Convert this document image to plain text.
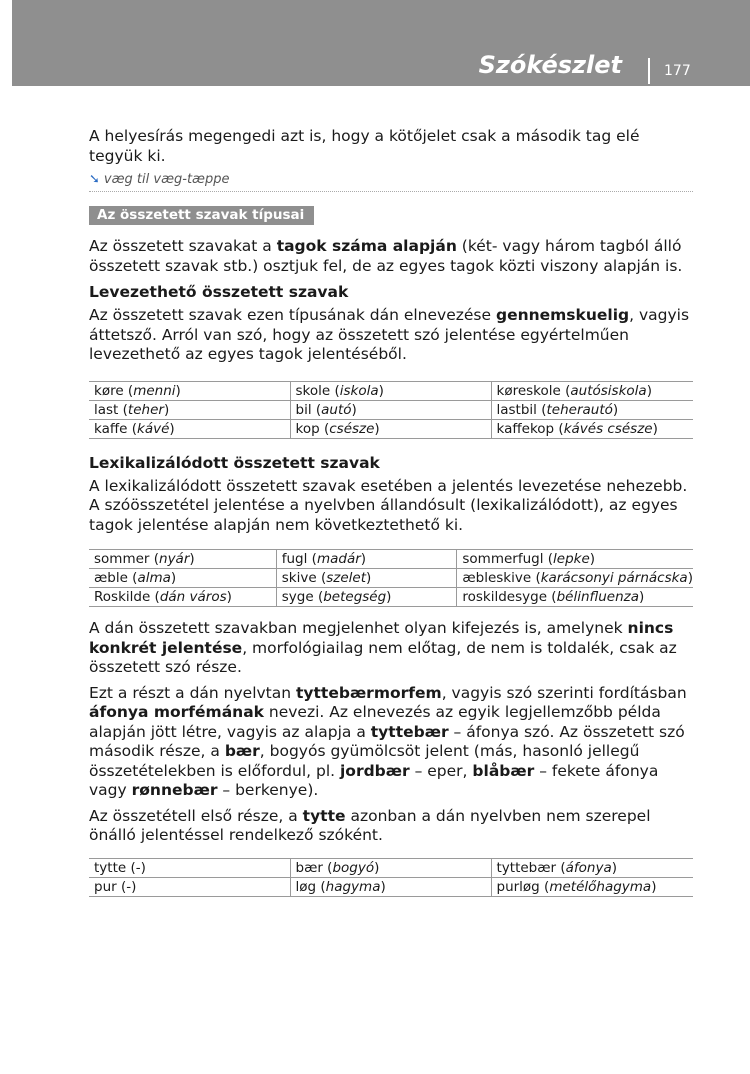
Szókészlet	177

A helyesírás megengedi azt is, hogy a kötőjelet csak a második tag elé tegyük ki.

➘ væg til væg-tæppe
Az összetett szavak típusai

Az összetett szavakat a tagok száma alapján (két- vagy három tagból álló összetett szavak stb.) osztjuk fel, de az egyes tagok közti viszony alapján is.

Levezethető összetett szavak

Az összetett szavak ezen típusának dán elnevezése gennemskuelig, vagyis áttetsző. Arról van szó, hogy az összetett szó jelentése egyértelműen levezethető az egyes tagok jelentéséből.

køre (menni)	skole (iskola)	køreskole (autósiskola)
last (teher)	bil (autó)	lastbil (teherautó)
kaffe (kávé)	kop (csésze)	kaffekop (kávés csésze)
Lexikalizálódott összetett szavak

A lexikalizálódott összetett szavak esetében a jelentés levezetése nehezebb. A szóösszetétel jelentése a nyelvben állandósult (lexikalizálódott), az egyes tagok jelentése alapján nem következtethető ki.

sommer (nyár)	fugl (madár)	sommerfugl (lepke)
æble (alma)	skive (szelet)	æbleskive (karácsonyi párnácska)
Roskilde (dán város)	syge (betegség)	roskildesyge (bélinfluenza)

A dán összetett szavakban megjelenhet olyan kifejezés is, amelynek nincs konkrét jelentése, morfológiailag nem előtag, de nem is toldalék, csak az összetett szó része.

Ezt a részt a dán nyelvtan tyttebærmorfem, vagyis szó szerinti fordításban áfonya morfémának nevezi. Az elnevezés az egyik legjellemzőbb példa alapján jött létre, vagyis az alapja a tyttebær – áfonya szó. Az összetett szó második része, a bær, bogyós gyümölcsöt jelent (más, hasonló jellegű összetételekben is előfordul, pl. jordbær – eper, blåbær – fekete áfonya vagy rønnebær – berkenye).

Az összetétell első része, a tytte azonban a dán nyelvben nem szerepel önálló jelentéssel rendelkező szóként.

tytte (-)	bær (bogyó)	tyttebær (áfonya)
pur (-)	løg (hagyma)	purløg (metélőhagyma)
